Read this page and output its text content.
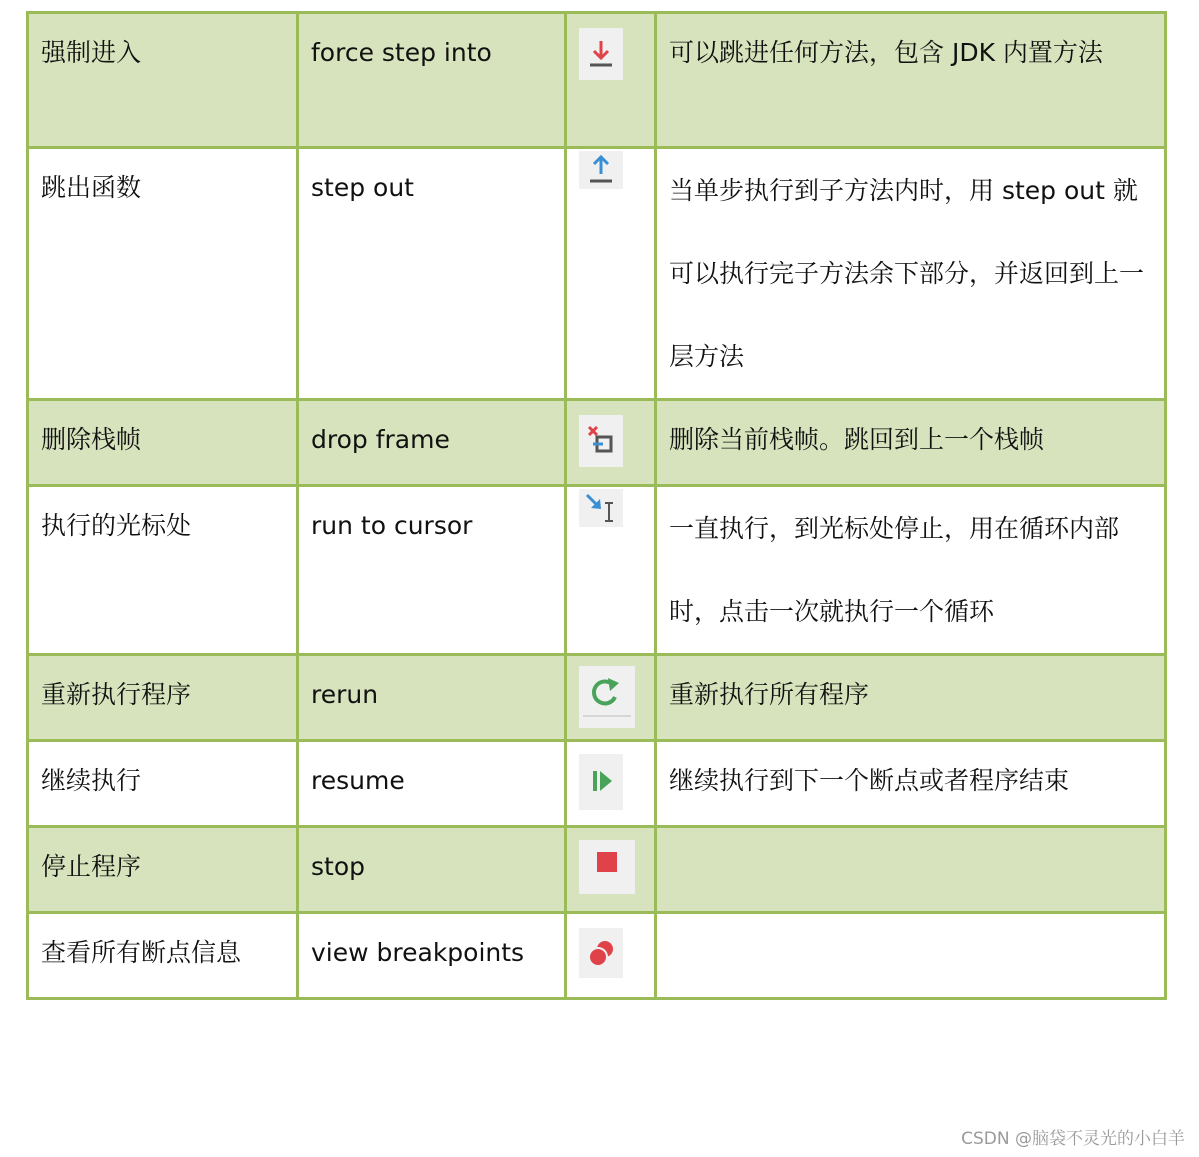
强制进入	force step into		可以跳进任何方法，包含 JDK 内置方法

跳出函数	step out		当单步执行到子方法内时，用 step out 就可以执行完子方法余下部分，并返回到上一层方法

删除栈帧	drop frame		删除当前栈帧。跳回到上一个栈帧

执行的光标处	run to cursor		一直执行，到光标处停止，用在循环内部时，点击一次就执行一个循环

重新执行程序	rerun		重新执行所有程序

继续执行	resume		继续执行到下一个断点或者程序结束

停止程序	stop

查看所有断点信息	view breakpoints

CSDN @脑袋不灵光的小白羊
